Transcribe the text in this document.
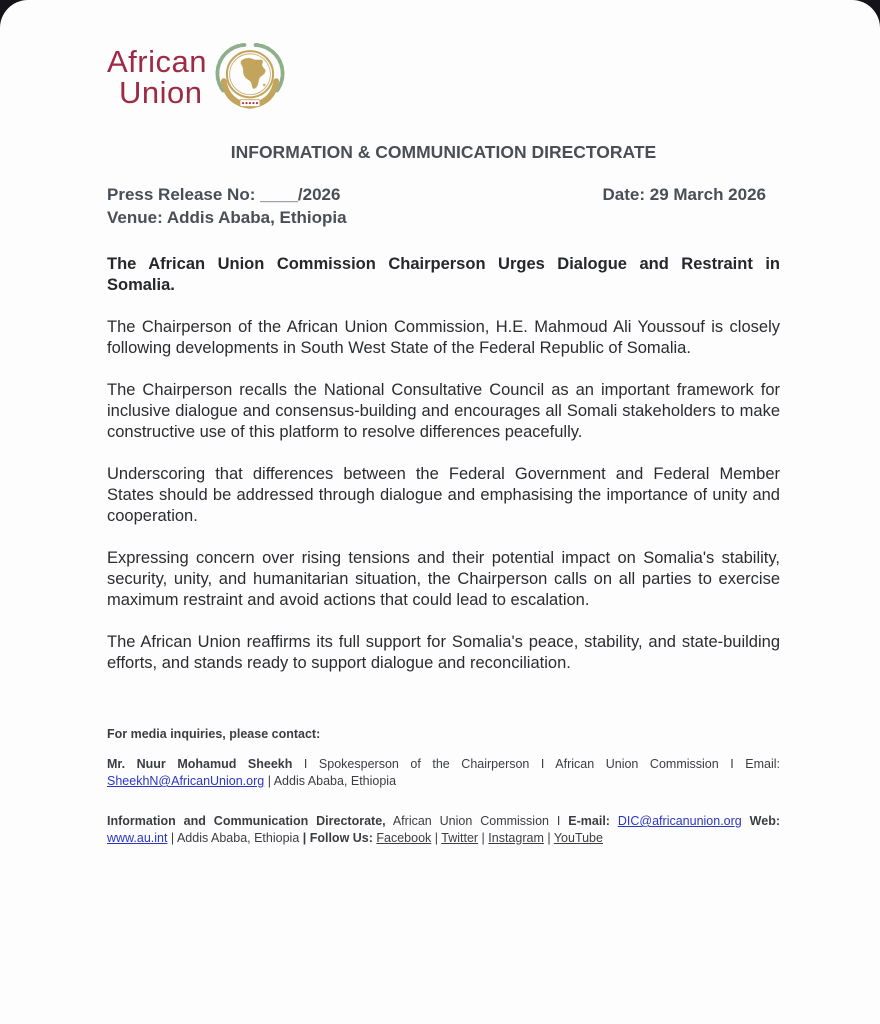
African
Union
INFORMATION & COMMUNICATION DIRECTORATE
Press Release No: ____/2026	Date: 29 March 2026
Venue: Addis Ababa, Ethiopia
The African Union Commission Chairperson Urges Dialogue and Restraint in Somalia.
The Chairperson of the African Union Commission, H.E. Mahmoud Ali Youssouf is closely following developments in South West State of the Federal Republic of Somalia.
The Chairperson recalls the National Consultative Council as an important framework for inclusive dialogue and consensus-building and encourages all Somali stakeholders to make constructive use of this platform to resolve differences peacefully.
Underscoring that differences between the Federal Government and Federal Member States should be addressed through dialogue and emphasising the importance of unity and cooperation.
Expressing concern over rising tensions and their potential impact on Somalia's stability, security, unity, and humanitarian situation, the Chairperson calls on all parties to exercise maximum restraint and avoid actions that could lead to escalation.
The African Union reaffirms its full support for Somalia's peace, stability, and state-building efforts, and stands ready to support dialogue and reconciliation.
For media inquiries, please contact:
Mr. Nuur Mohamud Sheekh I Spokesperson of the Chairperson I African Union Commission I Email: SheekhN@AfricanUnion.org | Addis Ababa, Ethiopia
Information and Communication Directorate, African Union Commission I E-mail: DIC@africanunion.org Web: www.au.int | Addis Ababa, Ethiopia | Follow Us: Facebook | Twitter | Instagram | YouTube
